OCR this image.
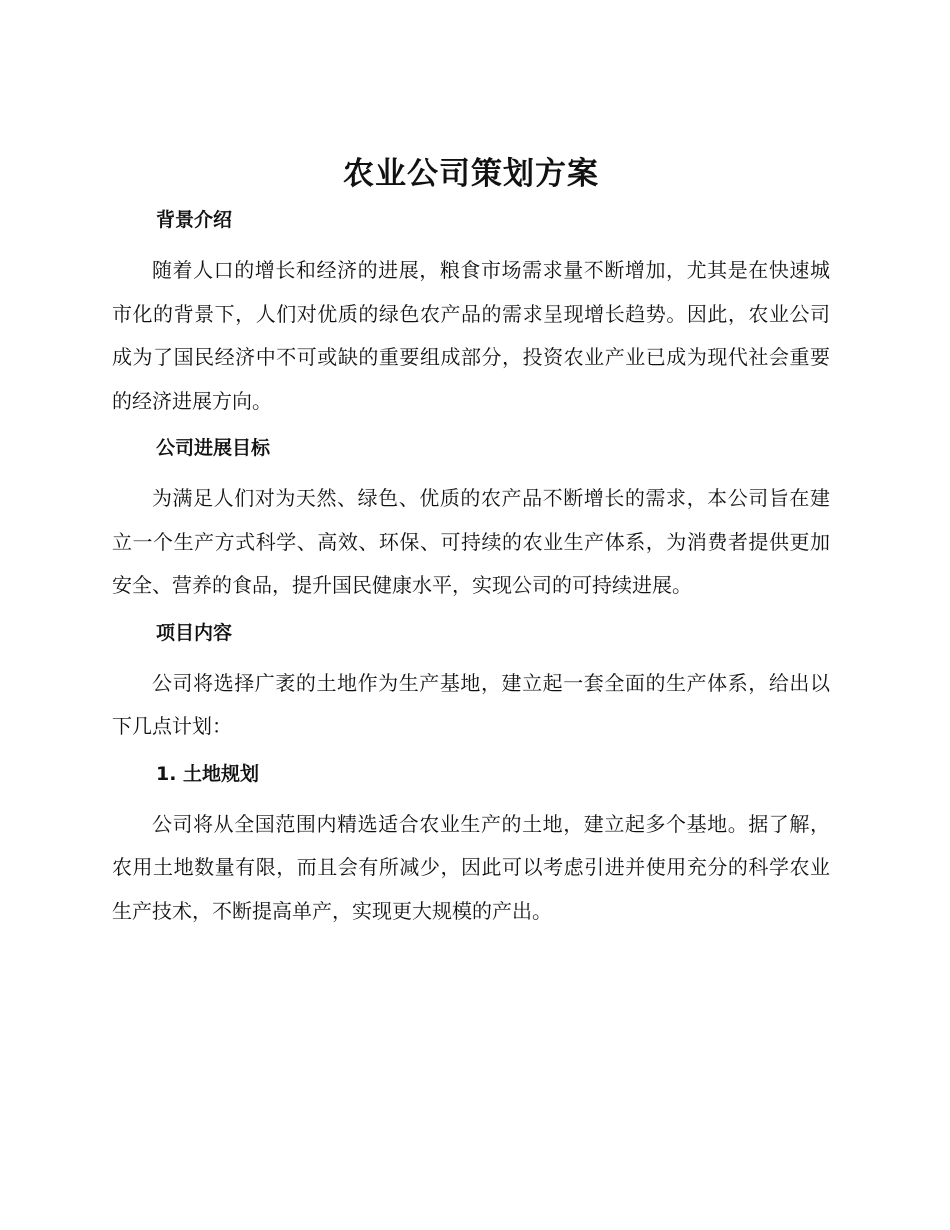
农业公司策划方案
背景介绍

随着人口的增长和经济的进展，粮食市场需求量不断增加，尤其是在快速城市化的背景下，人们对优质的绿色农产品的需求呈现增长趋势。因此，农业公司成为了国民经济中不可或缺的重要组成部分，投资农业产业已成为现代社会重要的经济进展方向。

公司进展目标

为满足人们对为天然、绿色、优质的农产品不断增长的需求，本公司旨在建立一个生产方式科学、高效、环保、可持续的农业生产体系，为消费者提供更加安全、营养的食品，提升国民健康水平，实现公司的可持续进展。

项目内容

公司将选择广袤的土地作为生产基地，建立起一套全面的生产体系，给出以下几点计划：

1. 土地规划

公司将从全国范围内精选适合农业生产的土地，建立起多个基地。据了解，农用土地数量有限，而且会有所减少，因此可以考虑引进并使用充分的科学农业生产技术，不断提高单产，实现更大规模的产出。
